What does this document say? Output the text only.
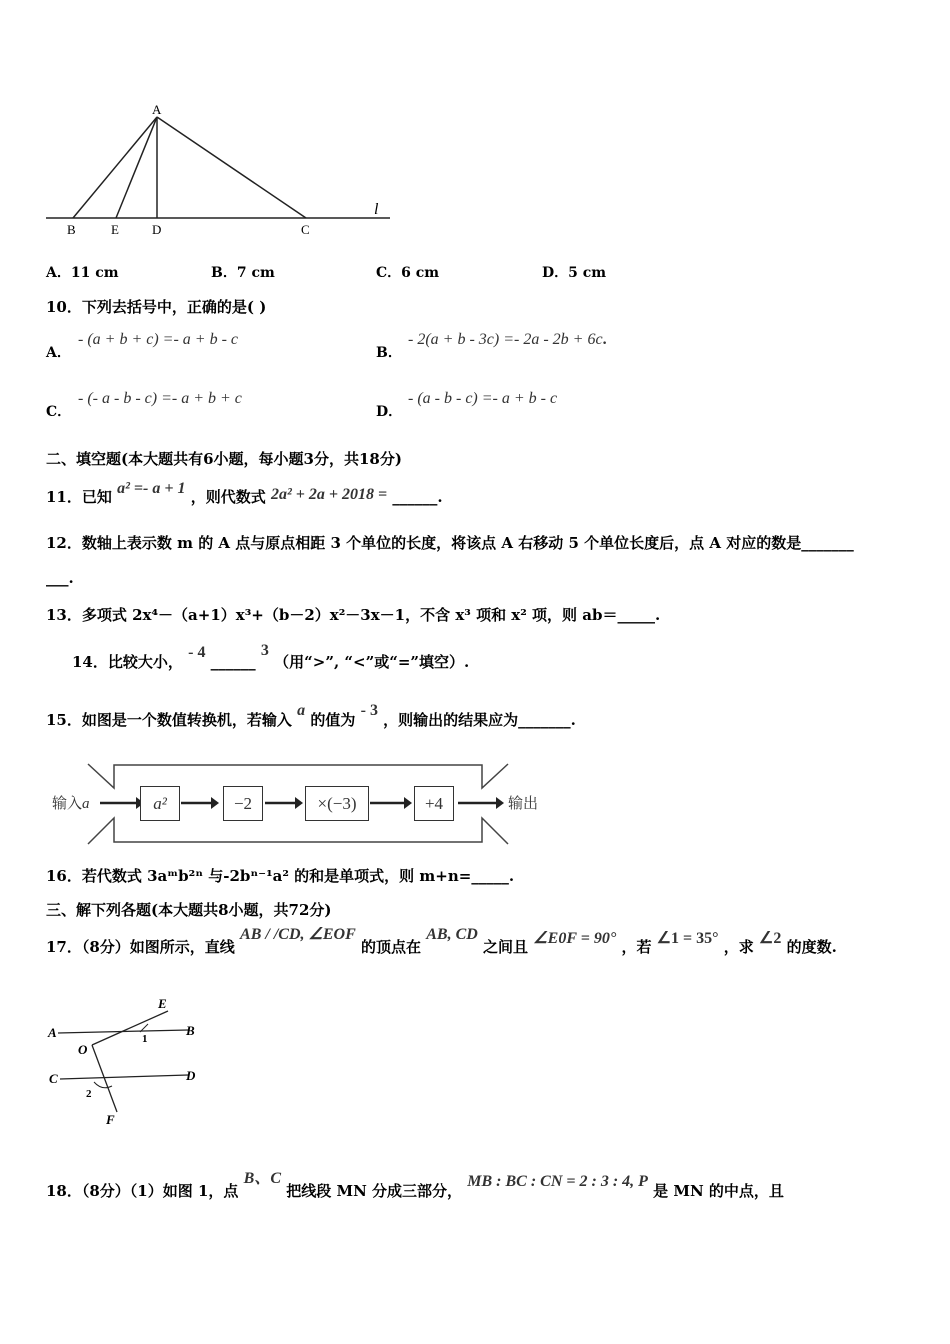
A
B	E	D	C
l
A．11 cm	B．7 cm	C．6 cm	D．5 cm
10．下列去括号中，正确的是( )
A．
- (a + b + c) =- a + b - c
B．
- 2(a + b - 3c) =- 2a - 2b + 6c.
C．
- (- a - b - c) =- a + b + c
D．
- (a - b - c) =- a + b - c
二、填空题(本大题共有6小题，每小题3分，共18分)
11．已知 a² =- a + 1 ，则代数式 2a² + 2a + 2018 = ______.
12．数轴上表示数 m 的 A 点与原点相距 3 个单位的长度，将该点 A 右移动 5 个单位长度后，点 A 对应的数是_______
___.
13．多项式 2x⁴－（a+1）x³+（b－2）x²－3x－1，不含 x³ 项和 x² 项，则 ab＝_____.
14．比较大小， - 4 ______ 3 （用“>”, “<”或“=”填空）.
15．如图是一个数值转换机，若输入 a 的值为 - 3 ，则输出的结果应为_______.
输入a	a²	−2	×(−3)	+4	输出
16．若代数式 3aᵐb²ⁿ 与-2bⁿ⁻¹a² 的和是单项式，则 m+n=_____.
三、解下列各题(本大题共8小题，共72分)
17．（8分）如图所示，直线 AB / /CD, ∠EOF 的顶点在 AB, CD 之间且 ∠E0F = 90° ，若 ∠1 = 35° ，求 ∠2 的度数.
E
A	B
O
C	D
1
2
F
18．（8分）（1）如图 1，点 B、C 把线段 MN 分成三部分， MB : BC : CN = 2 : 3 : 4, P 是 MN 的中点，且
